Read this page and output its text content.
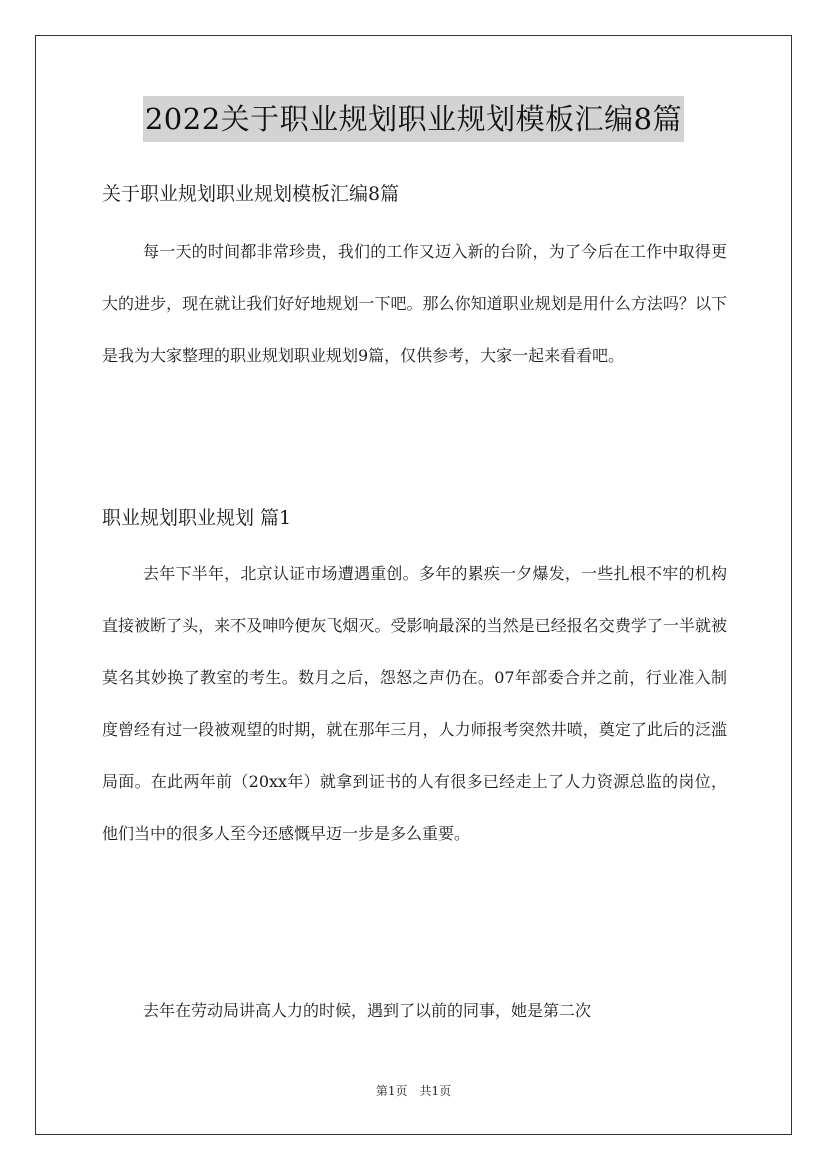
2022关于职业规划职业规划模板汇编8篇
关于职业规划职业规划模板汇编8篇

每一天的时间都非常珍贵，我们的工作又迈入新的台阶，为了今后在工作中取得更大的进步，现在就让我们好好地规划一下吧。那么你知道职业规划是用什么方法吗？以下是我为大家整理的职业规划职业规划9篇，仅供参考，大家一起来看看吧。

职业规划职业规划 篇1

去年下半年，北京认证市场遭遇重创。多年的累疾一夕爆发，一些扎根不牢的机构直接被断了头，来不及呻吟便灰飞烟灭。受影响最深的当然是已经报名交费学了一半就被莫名其妙换了教室的考生。数月之后，怨怒之声仍在。07年部委合并之前，行业准入制度曾经有过一段被观望的时期，就在那年三月，人力师报考突然井喷，奠定了此后的泛滥局面。在此两年前（20xx年）就拿到证书的人有很多已经走上了人力资源总监的岗位，他们当中的很多人至今还感慨早迈一步是多么重要。

去年在劳动局讲高人力的时候，遇到了以前的同事，她是第二次

第1页　共1页
